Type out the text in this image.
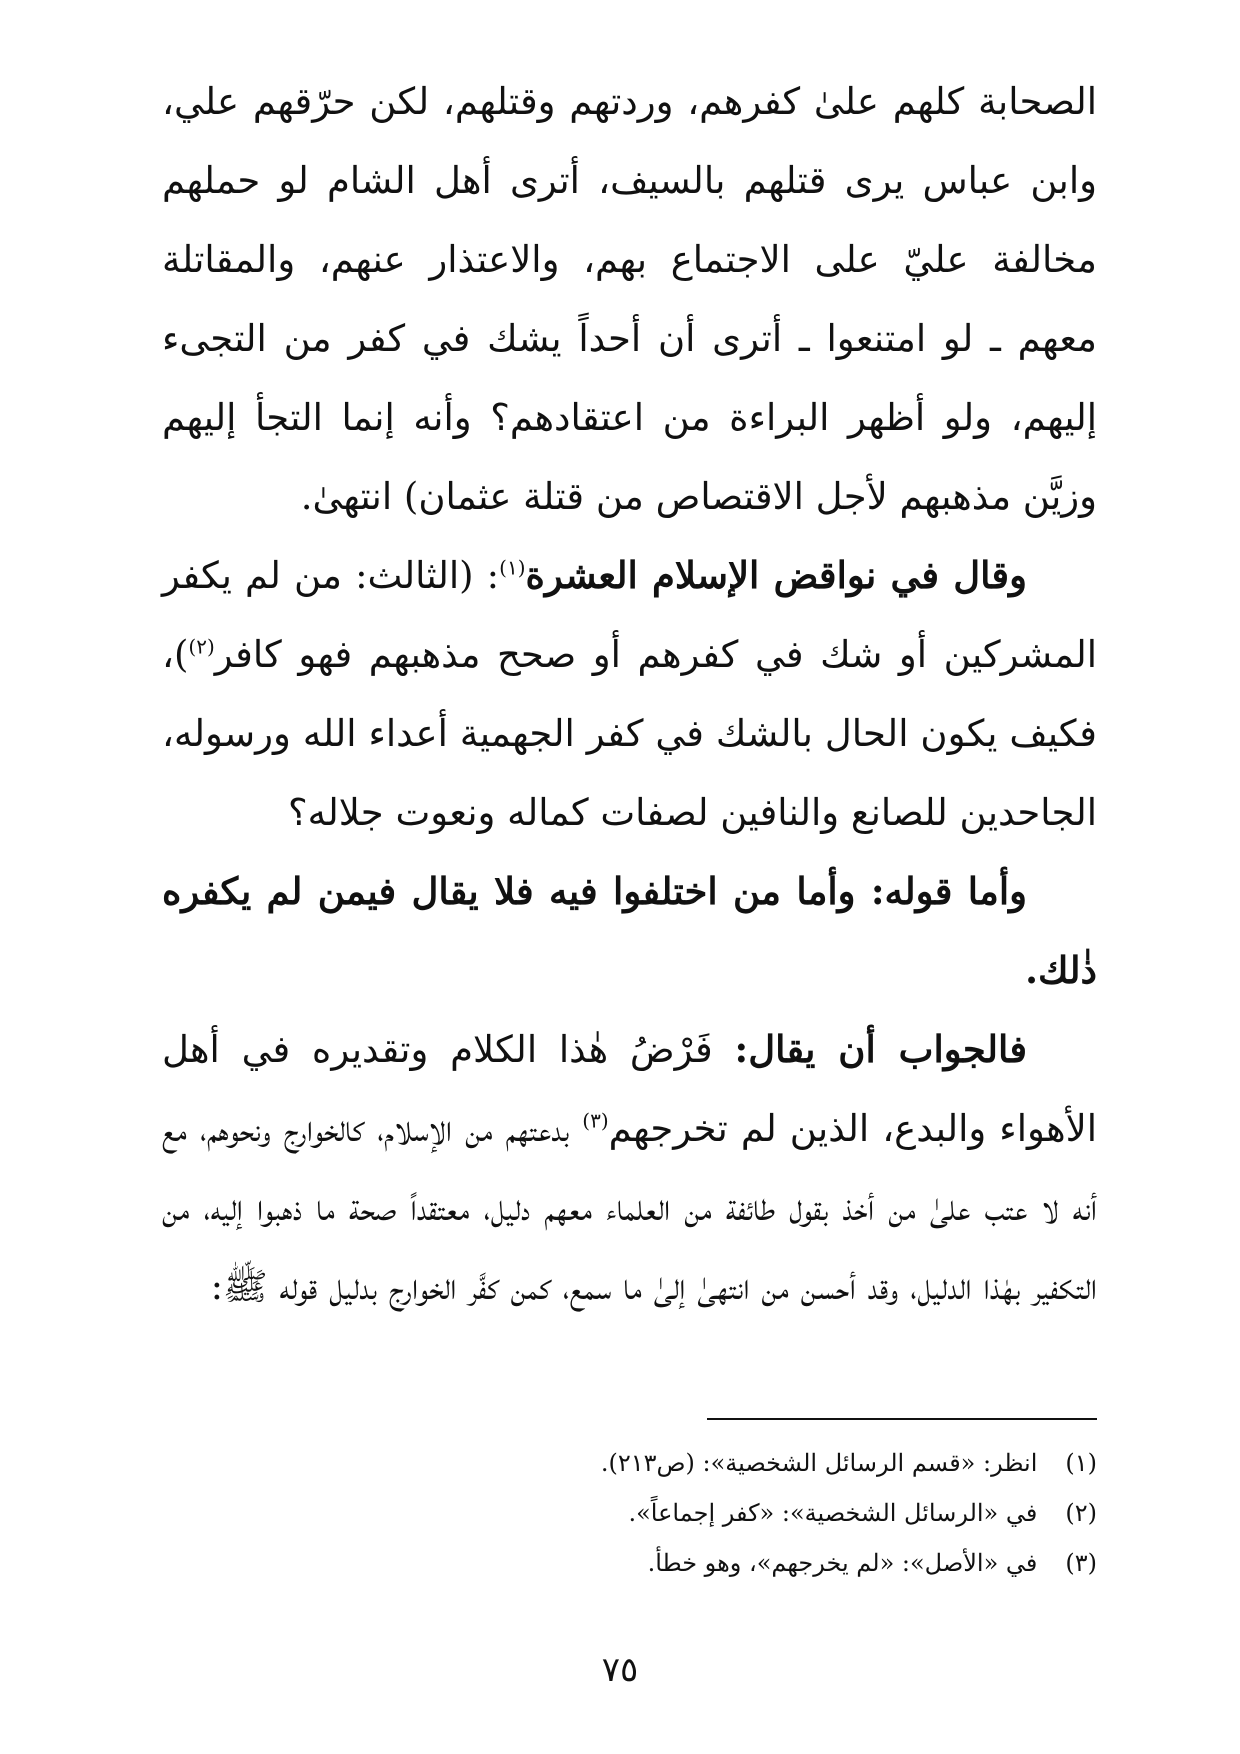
الصحابة كلهم علىٰ كفرهم، وردتهم وقتلهم، لكن حرّقهم علي، وابن عباس يرى قتلهم بالسيف، أترى أهل الشام لو حملهم مخالفة عليّ على الاجتماع بهم، والاعتذار عنهم، والمقاتلة معهم ـ لو امتنعوا ـ أترى أن أحداً يشك في كفر من التجىء إليهم، ولو أظهر البراءة من اعتقادهم؟ وأنه إنما التجأ إليهم وزيَّن مذهبهم لأجل الاقتصاص من قتلة عثمان) انتهىٰ.

وقال في نواقض الإسلام العشرة$^{(١)}$: (الثالث: من لم يكفر المشركين أو شك في كفرهم أو صحح مذهبهم فهو كافر$^{(٢)}$)، فكيف يكون الحال بالشك في كفر الجهمية أعداء الله ورسوله، الجاحدين للصانع والنافين لصفات كماله ونعوت جلاله؟

وأما قوله: وأما من اختلفوا فيه فلا يقال فيمن لم يكفره ذٰلك.

فالجواب أن يقال: فَرْضُ هٰذا الكلام وتقديره في أهل الأهواء والبدع، الذين لم تخرجهم$^{(٣)}$ بدعتهم من الإسلام، كالخوارج ونحوهم، مع أنه لا عتب علىٰ من أخذ بقول طائفة من العلماء معهم دليل، معتقداً صحة ما ذهبوا إليه، من التكفير بهٰذا الدليل، وقد أحسن من انتهىٰ إلىٰ ما سمع، كمن كفَّر الخوارج بدليل قوله ﷺ:

(١)
انظر: «قسم الرسائل الشخصية»: (ص٢١٣).
(٢)
في «الرسائل الشخصية»: «كفر إجماعاً».
(٣)
في «الأصل»: «لم يخرجهم»، وهو خطأ.
٧٥
